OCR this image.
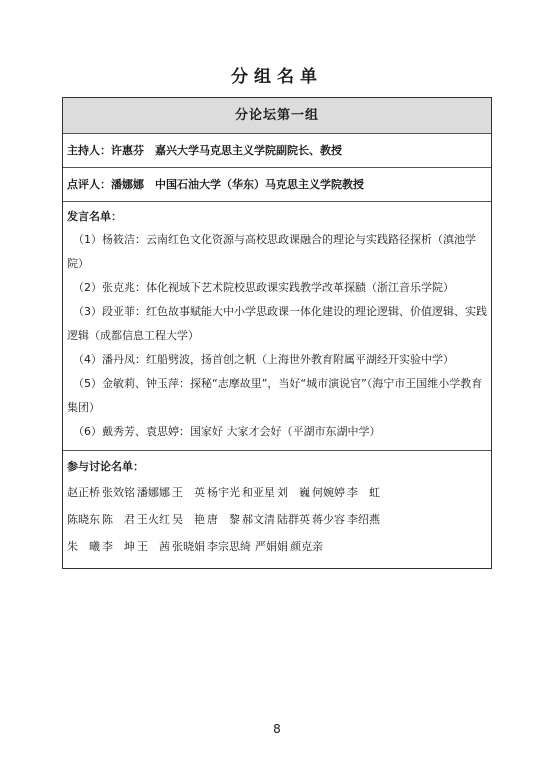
分组名单
分论坛第一组
主持人：许惠芬　嘉兴大学马克思主义学院副院长、教授
点评人：潘娜娜　中国石油大学（华东）马克思主义学院教授
发言名单：
（1）杨筱洁：云南红色文化资源与高校思政课融合的理论与实践路径探析（滇池学院）
（2）张克兆：体化视域下艺术院校思政课实践教学改革探赜（浙江音乐学院）
（3）段亚菲：红色故事赋能大中小学思政课一体化建设的理论逻辑、价值逻辑、实践逻辑（成都信息工程大学）
（4）潘丹凤：红船劈波，扬首创之帆（上海世外教育附属平湖经开实验中学）
（5）金敏莉、钟玉萍：探秘“志摩故里”，当好“城市演说官”（海宁市王国维小学教育集团）
（6）戴秀芳、袁思婷：国家好 大家才会好（平湖市东湖中学）
参与讨论名单：
赵正桥 张效铭 潘娜娜 王　英 杨宇光 和亚星 刘　巍 何婉婷 李　虹
陈晓东 陈　君 王火红 吴　艳 唐　黎 郝文清 陆群英 蒋少容 李绍燕
朱　曦 李　坤 王　茜 张晓娟 李宗思绮 严娟娟 颜克亲
8
